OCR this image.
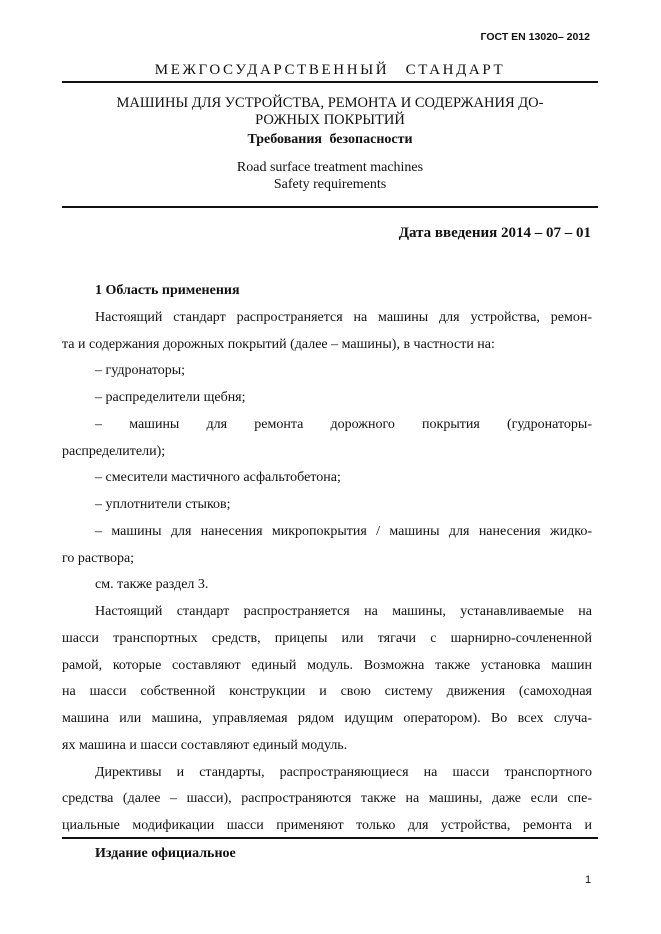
ГОСТ EN 13020– 2012
МЕЖГОСУДАРСТВЕННЫЙ СТАНДАРТ
МАШИНЫ ДЛЯ УСТРОЙСТВА, РЕМОНТА И СОДЕРЖАНИЯ ДО-
РОЖНЫХ ПОКРЫТИЙ
Требования безопасности
Road surface treatment machines
Safety requirements
Дата введения 2014 – 07 – 01
1 Область применения
Настоящий стандарт распространяется на машины для устройства, ремон-
та и содержания дорожных покрытий (далее – машины), в частности на:
– гудронаторы;
– распределители щебня;
– машины для ремонта дорожного покрытия (гудронаторы-
распределители);
– смесители мастичного асфальтобетона;
– уплотнители стыков;
– машины для нанесения микропокрытия / машины для нанесения жидко-
го раствора;
см. также раздел 3.
Настоящий стандарт распространяется на машины, устанавливаемые на
шасси транспортных средств, прицепы или тягачи с шарнирно-сочлененной
рамой, которые составляют единый модуль. Возможна также установка машин
на шасси собственной конструкции и свою систему движения (самоходная
машина или машина, управляемая рядом идущим оператором). Во всех случа-
ях машина и шасси составляют единый модуль.
Директивы и стандарты, распространяющиеся на шасси транспортного
средства (далее – шасси), распространяются также на машины, даже если спе-
циальные модификации шасси применяют только для устройства, ремонта и
Издание официальное
1
